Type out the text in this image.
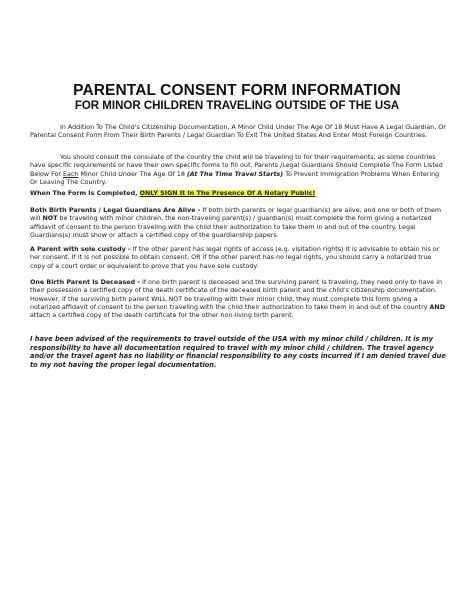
PARENTAL CONSENT FORM INFORMATION
FOR MINOR CHILDREN TRAVELING OUTSIDE OF THE USA
In Addition To The Child's Citizenship Documentation, A Minor Child Under The Age Of 18 Must Have A Legal Guardian, Or Parental Consent Form From Their Birth Parents / Legal Guardian To Exit The United States And Enter Most Foreign Countries.
You should consult the consulate of the country the child will be traveling to for their requirements, as some countries have specific requirements or have their own specific forms to fill out. Parents /Legal Guardians Should Complete The Form Listed Below For Each Minor Child Under The Age Of 18 (At The Time Travel Starts) To Prevent Immigration Problems When Entering Or Leaving The Country.
When The Form Is Completed, ONLY SIGN It In The Presence Of A Notary Public!
Both Birth Parents / Legal Guardians Are Alive - If both birth parents or legal guardian(s) are alive, and one or both of them will NOT be traveling with minor children, the non-traveling parent(s) / guardian(s) must complete the form giving a notarized affidavit of consent to the person traveling with the child their authorization to take them in and out of the country. Legal Guardians(s) must show or attach a certified copy of the guardianship papers.
A Parent with sole custody - If the other parent has legal rights of access (e.g. visitation rights) it is advisable to obtain his or her consent. If it is not possible to obtain consent, OR if the other parent has no legal rights, you should carry a notarized true copy of a court order or equivalent to prove that you have sole custody.
One Birth Parent Is Deceased - If one birth parent is deceased and the surviving parent is traveling, they need only to have in their possession a certified copy of the death certificate of the deceased birth parent and the child's citizenship documentation.
However, if the surviving birth parent WILL NOT be traveling with their minor child, they must complete this form giving a notarized affidavit of consent to the person traveling with the child their authorization to take them in and out of the country AND attach a certified copy of the death certificate for the other non-living birth parent.
I have been advised of the requirements to travel outside of the USA with my minor child / children. It is my responsibility to have all documentation required to travel with my minor child / children. The travel agency and/or the travel agent has no liability or financial responsibility to any costs incurred if I am denied travel due to my not having the proper legal documentation.
